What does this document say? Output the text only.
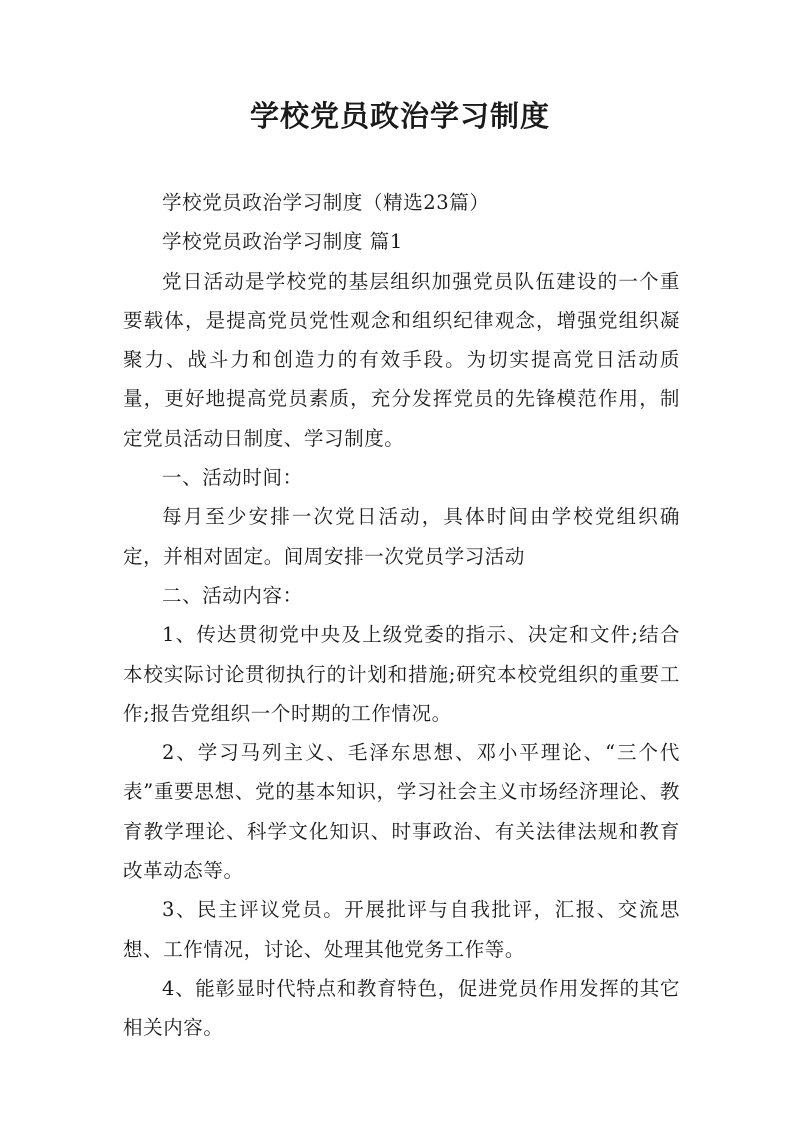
学校党员政治学习制度

学校党员政治学习制度（精选23篇）

学校党员政治学习制度 篇1

党日活动是学校党的基层组织加强党员队伍建设的一个重要载体，是提高党员党性观念和组织纪律观念，增强党组织凝聚力、战斗力和创造力的有效手段。为切实提高党日活动质量，更好地提高党员素质，充分发挥党员的先锋模范作用，制定党员活动日制度、学习制度。

一、活动时间：

每月至少安排一次党日活动，具体时间由学校党组织确定，并相对固定。间周安排一次党员学习活动

二、活动内容：

1、传达贯彻党中央及上级党委的指示、决定和文件;结合本校实际讨论贯彻执行的计划和措施;研究本校党组织的重要工作;报告党组织一个时期的工作情况。

2、学习马列主义、毛泽东思想、邓小平理论、“三个代表”重要思想、党的基本知识，学习社会主义市场经济理论、教育教学理论、科学文化知识、时事政治、有关法律法规和教育改革动态等。

3、民主评议党员。开展批评与自我批评，汇报、交流思想、工作情况，讨论、处理其他党务工作等。

4、能彰显时代特点和教育特色，促进党员作用发挥的其它相关内容。
